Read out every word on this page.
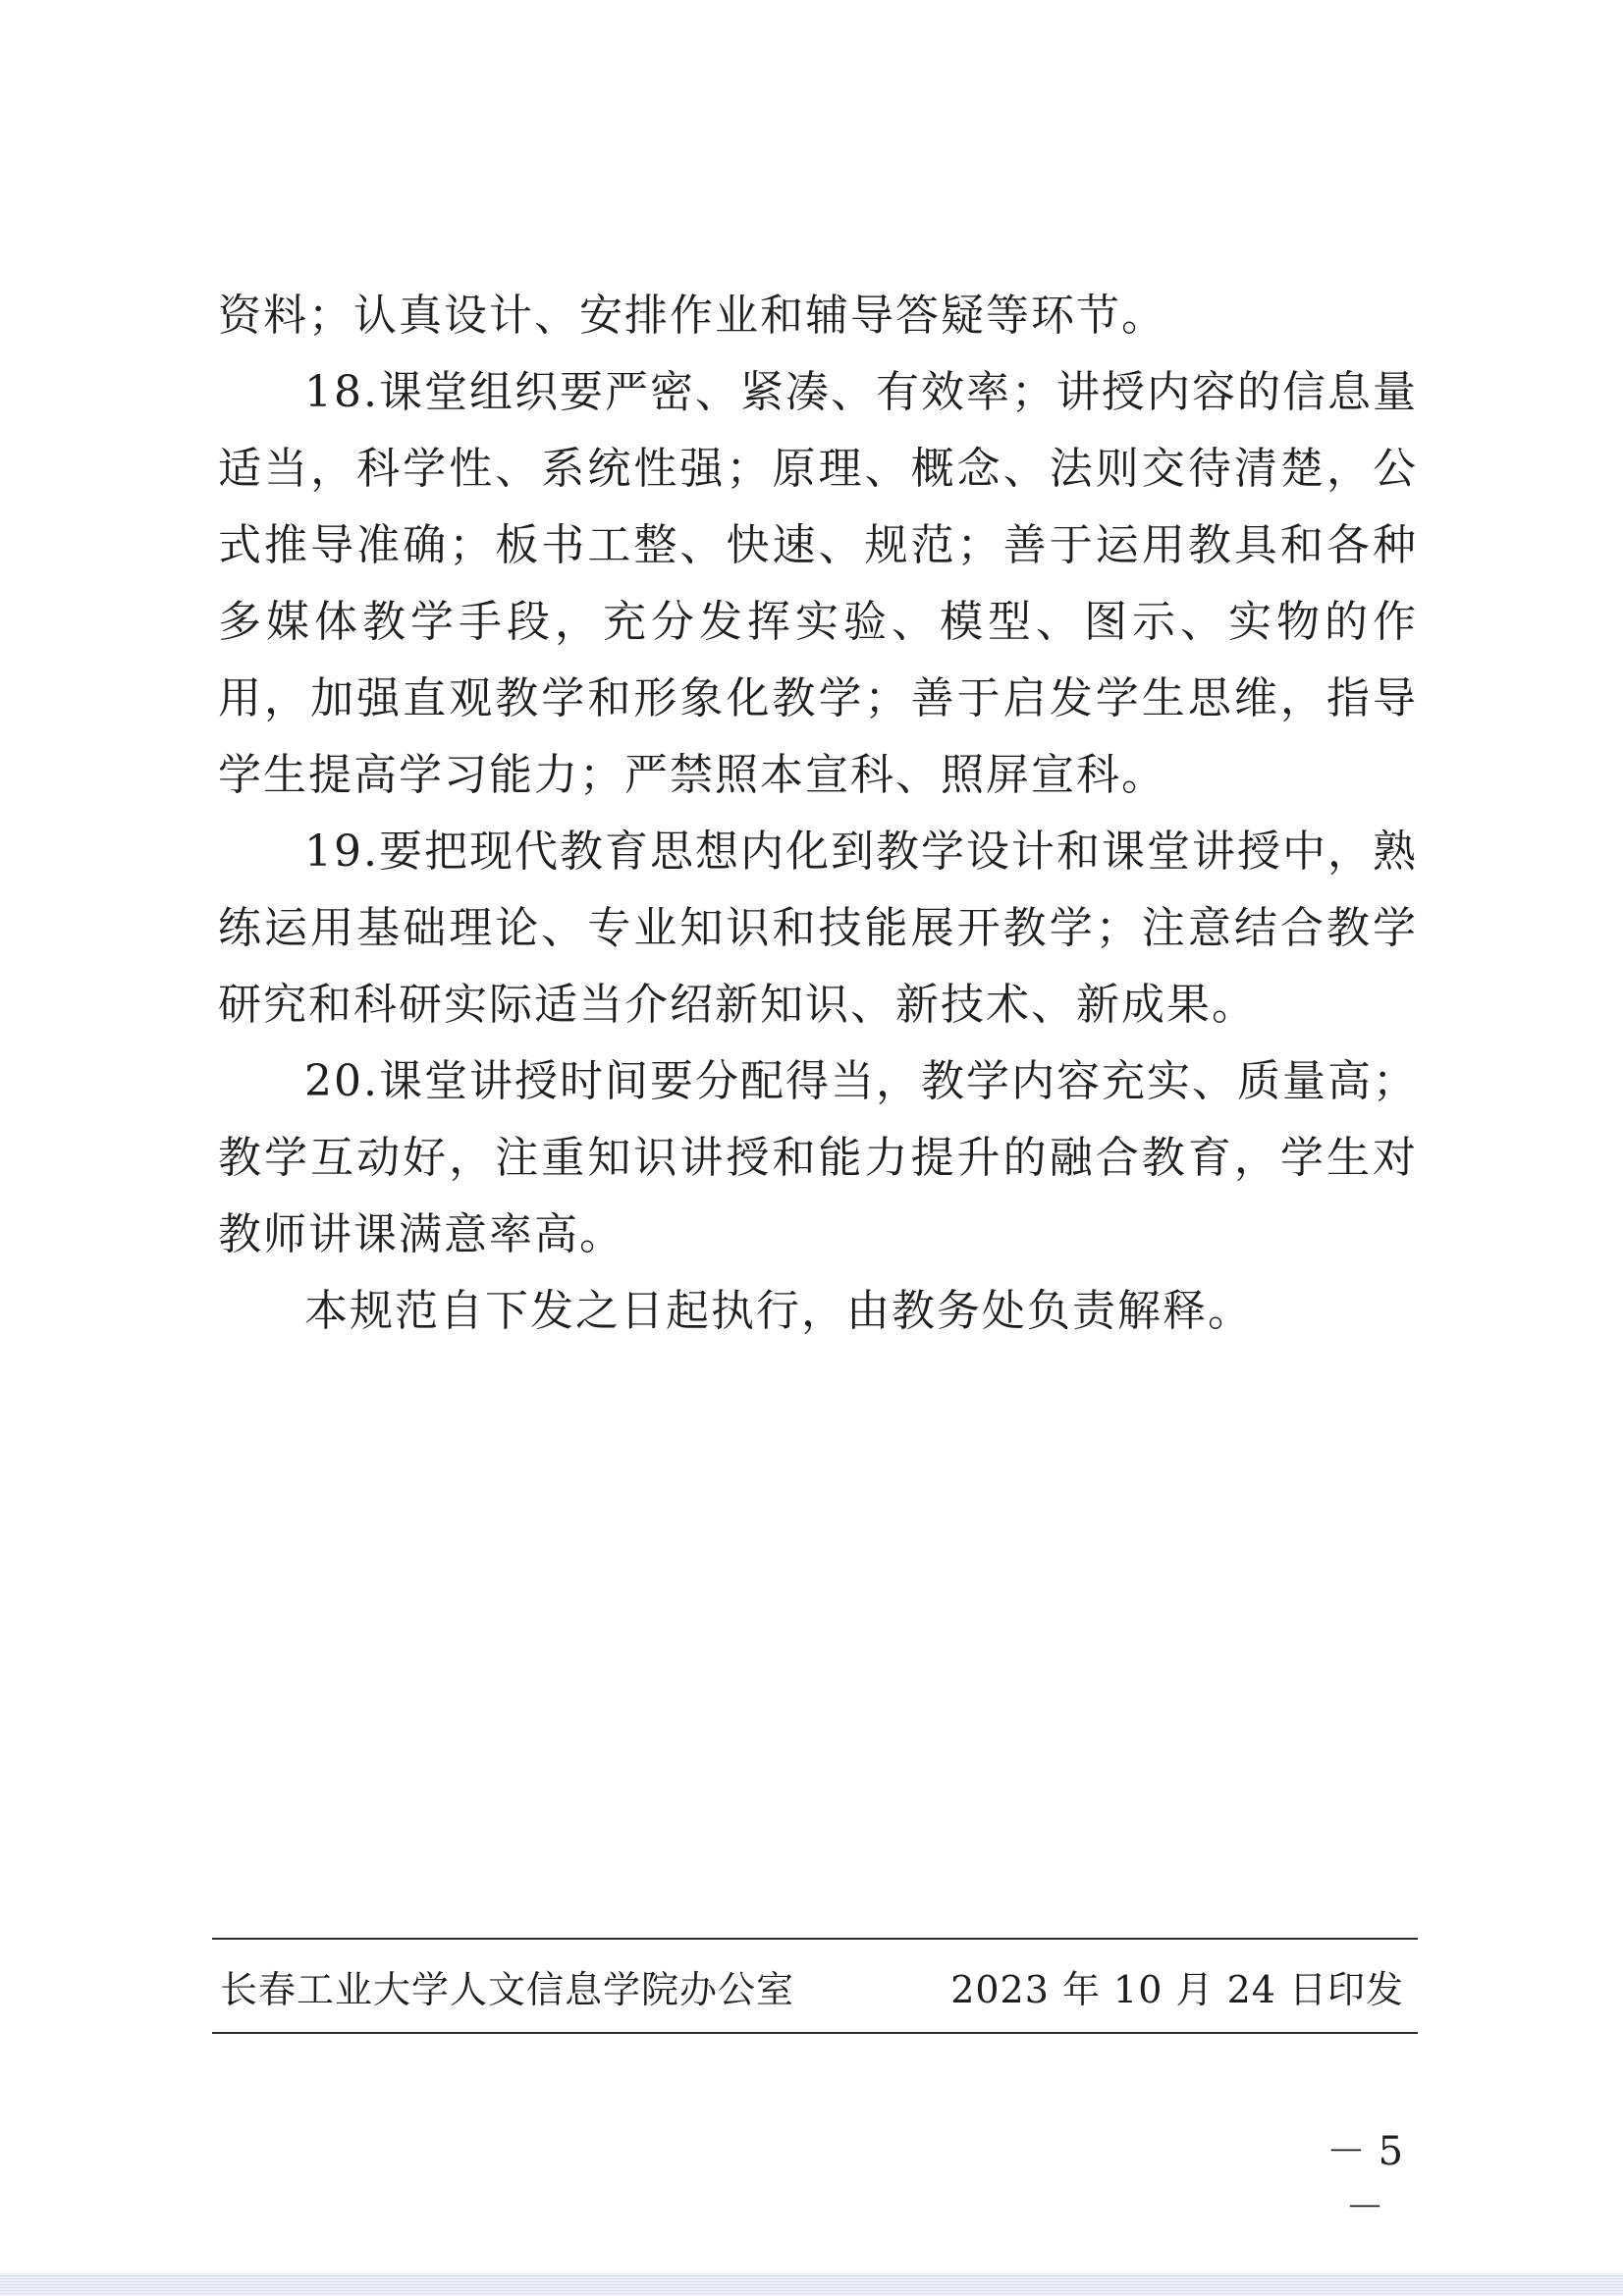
资料；认真设计、安排作业和辅导答疑等环节。

18.课堂组织要严密、紧凑、有效率；讲授内容的信息量适当，科学性、系统性强；原理、概念、法则交待清楚，公式推导准确；板书工整、快速、规范；善于运用教具和各种多媒体教学手段，充分发挥实验、模型、图示、实物的作用，加强直观教学和形象化教学；善于启发学生思维，指导学生提高学习能力；严禁照本宣科、照屏宣科。

19.要把现代教育思想内化到教学设计和课堂讲授中，熟练运用基础理论、专业知识和技能展开教学；注意结合教学研究和科研实际适当介绍新知识、新技术、新成果。

20.课堂讲授时间要分配得当，教学内容充实、质量高；教学互动好，注重知识讲授和能力提升的融合教育，学生对教师讲课满意率高。

本规范自下发之日起执行，由教务处负责解释。

长春工业大学人文信息学院办公室	2023 年 10 月 24 日印发
－ 5 －
